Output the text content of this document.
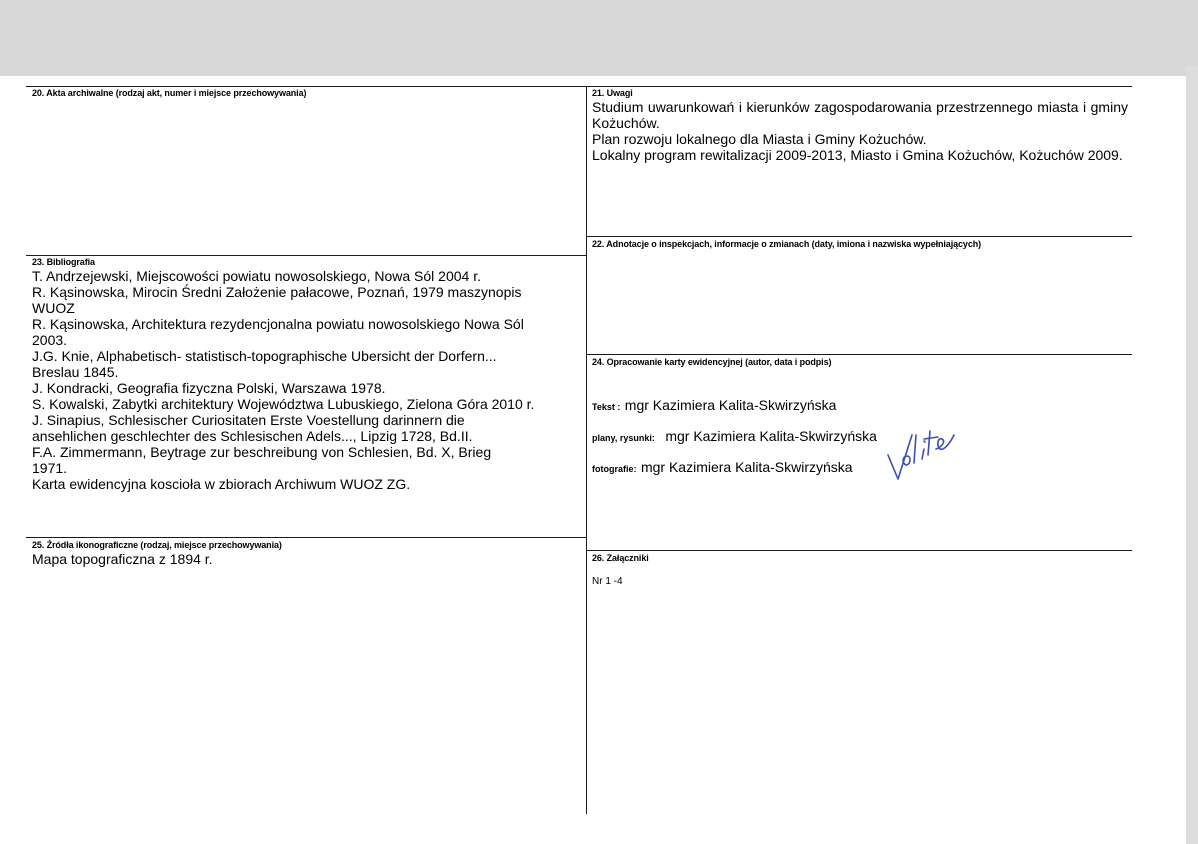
20. Akta archiwalne (rodzaj akt, numer i miejsce przechowywania)	21. Uwagi
Studium uwarunkowań i kierunków zagospodarowania przestrzennego miasta i gminy Kożuchów.
Plan rozwoju lokalnego dla Miasta i Gminy Kożuchów.
Lokalny program rewitalizacji 2009-2013, Miasto i Gmina Kożuchów, Kożuchów 2009.
22. Adnotacje o inspekcjach, informacje o zmianach (daty, imiona i nazwiska wypełniających)
23. Bibliografia
T. Andrzejewski, Miejscowości powiatu nowosolskiego, Nowa Sól 2004 r.
R. Kąsinowska, Mirocin Średni Założenie pałacowe, Poznań, 1979 maszynopis
WUOZ
R. Kąsinowska, Architektura rezydencjonalna powiatu nowosolskiego Nowa Sól
2003.
J.G. Knie, Alphabetisch- statistisch-topographische Ubersicht der Dorfern...
Breslau 1845.
J. Kondracki, Geografia fizyczna Polski, Warszawa 1978.
S. Kowalski, Zabytki architektury Województwa Lubuskiego, Zielona Góra 2010 r.
J. Sinapius, Schlesischer Curiositaten Erste Voestellung darinnern die
ansehlichen geschlechter des Schlesischen Adels..., Lipzig 1728, Bd.II.
F.A. Zimmermann, Beytrage zur beschreibung von Schlesien, Bd. X, Brieg
1971.
Karta ewidencyjna koscioła w zbiorach Archiwum WUOZ ZG.
24. Opracowanie karty ewidencyjnej (autor, data i podpis)
Tekst : mgr Kazimiera Kalita-Skwirzyńska
plany, rysunki: mgr Kazimiera Kalita-Skwirzyńska
fotografie: mgr Kazimiera Kalita-Skwirzyńska
25. Źródła ikonograficzne (rodzaj, miejsce przechowywania)
Mapa topograficzna z 1894 r.	26. Załączniki
Nr 1 -4
